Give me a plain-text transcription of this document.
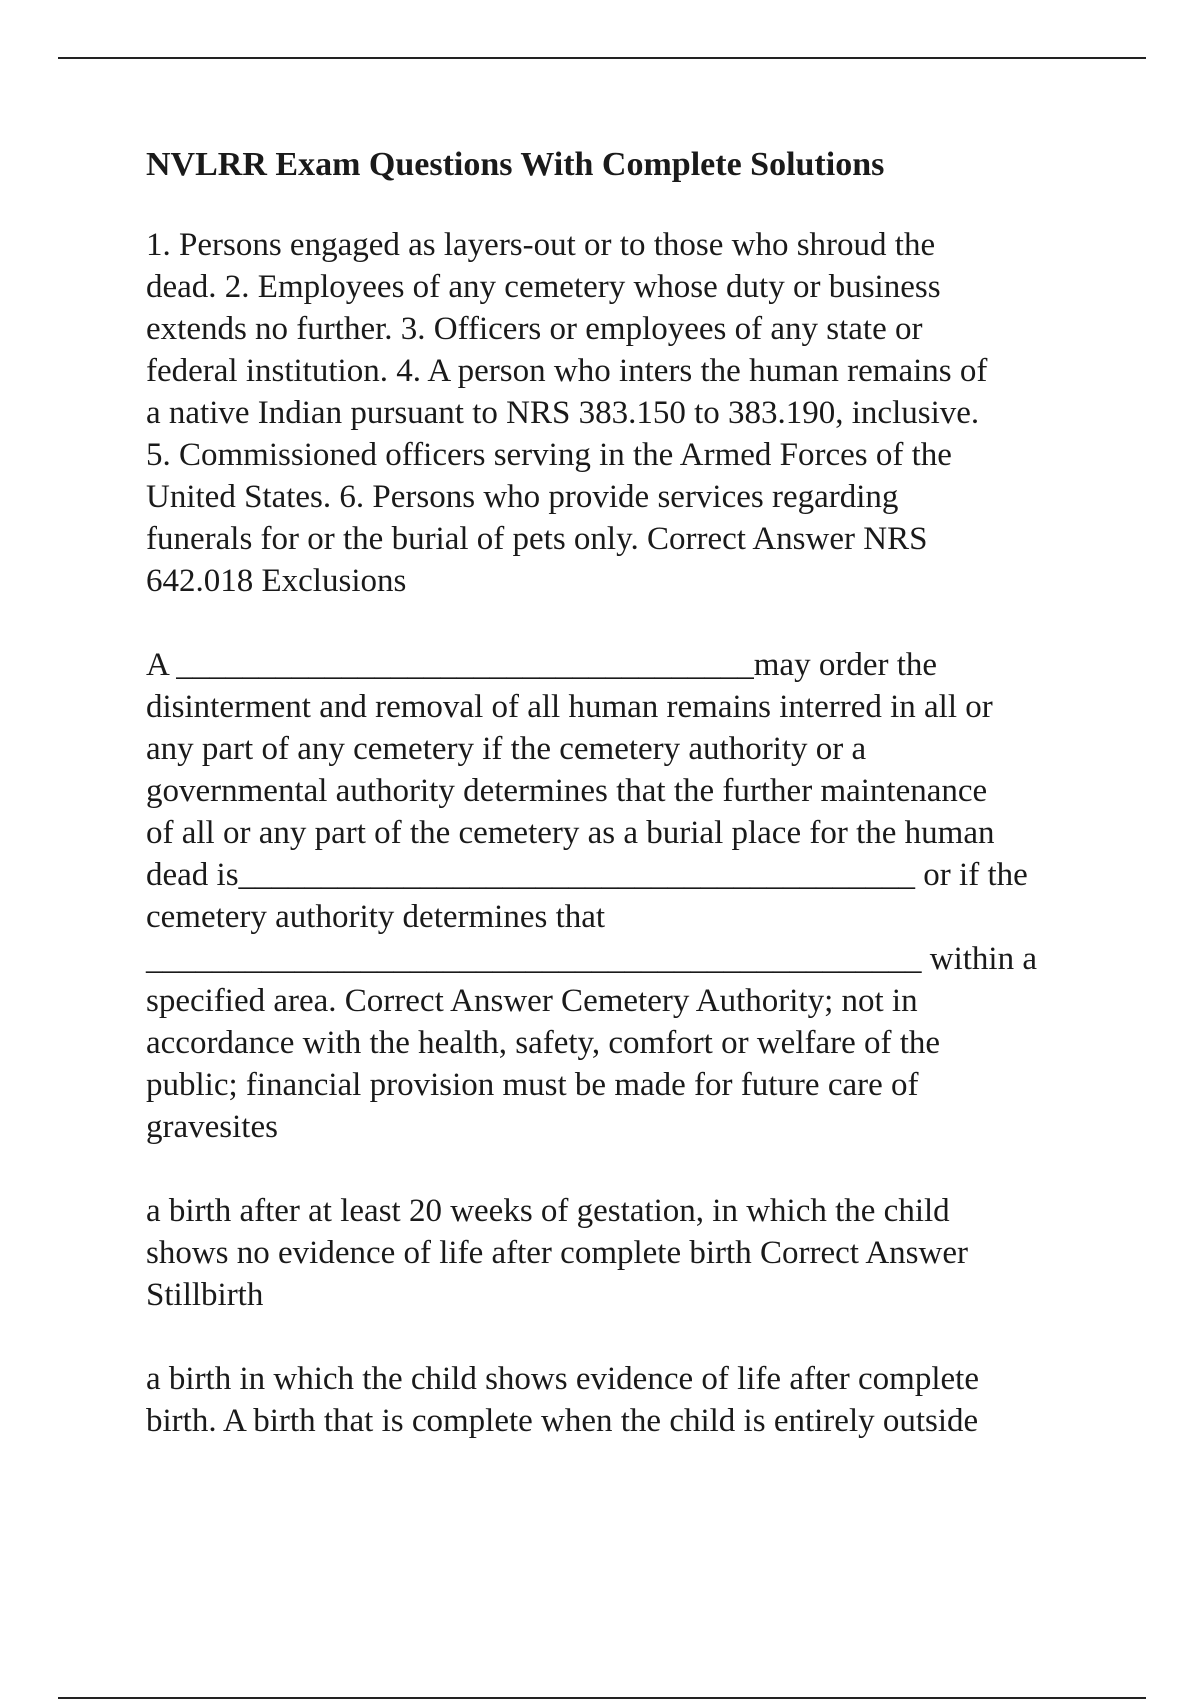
NVLRR Exam Questions With Complete Solutions

1. Persons engaged as layers-out or to those who shroud the
dead. 2. Employees of any cemetery whose duty or business
extends no further. 3. Officers or employees of any state or
federal institution. 4. A person who inters the human remains of
a native Indian pursuant to NRS 383.150 to 383.190, inclusive.
5. Commissioned officers serving in the Armed Forces of the
United States. 6. Persons who provide services regarding
funerals for or the burial of pets only. Correct Answer NRS
642.018 Exclusions

A ___________________________________may order the
disinterment and removal of all human remains interred in all or
any part of any cemetery if the cemetery authority or a
governmental authority determines that the further maintenance
of all or any part of the cemetery as a burial place for the human
dead is_________________________________________ or if the
cemetery authority determines that
_______________________________________________ within a
specified area. Correct Answer Cemetery Authority; not in
accordance with the health, safety, comfort or welfare of the
public; financial provision must be made for future care of
gravesites

a birth after at least 20 weeks of gestation, in which the child
shows no evidence of life after complete birth Correct Answer
Stillbirth

a birth in which the child shows evidence of life after complete
birth. A birth that is complete when the child is entirely outside
